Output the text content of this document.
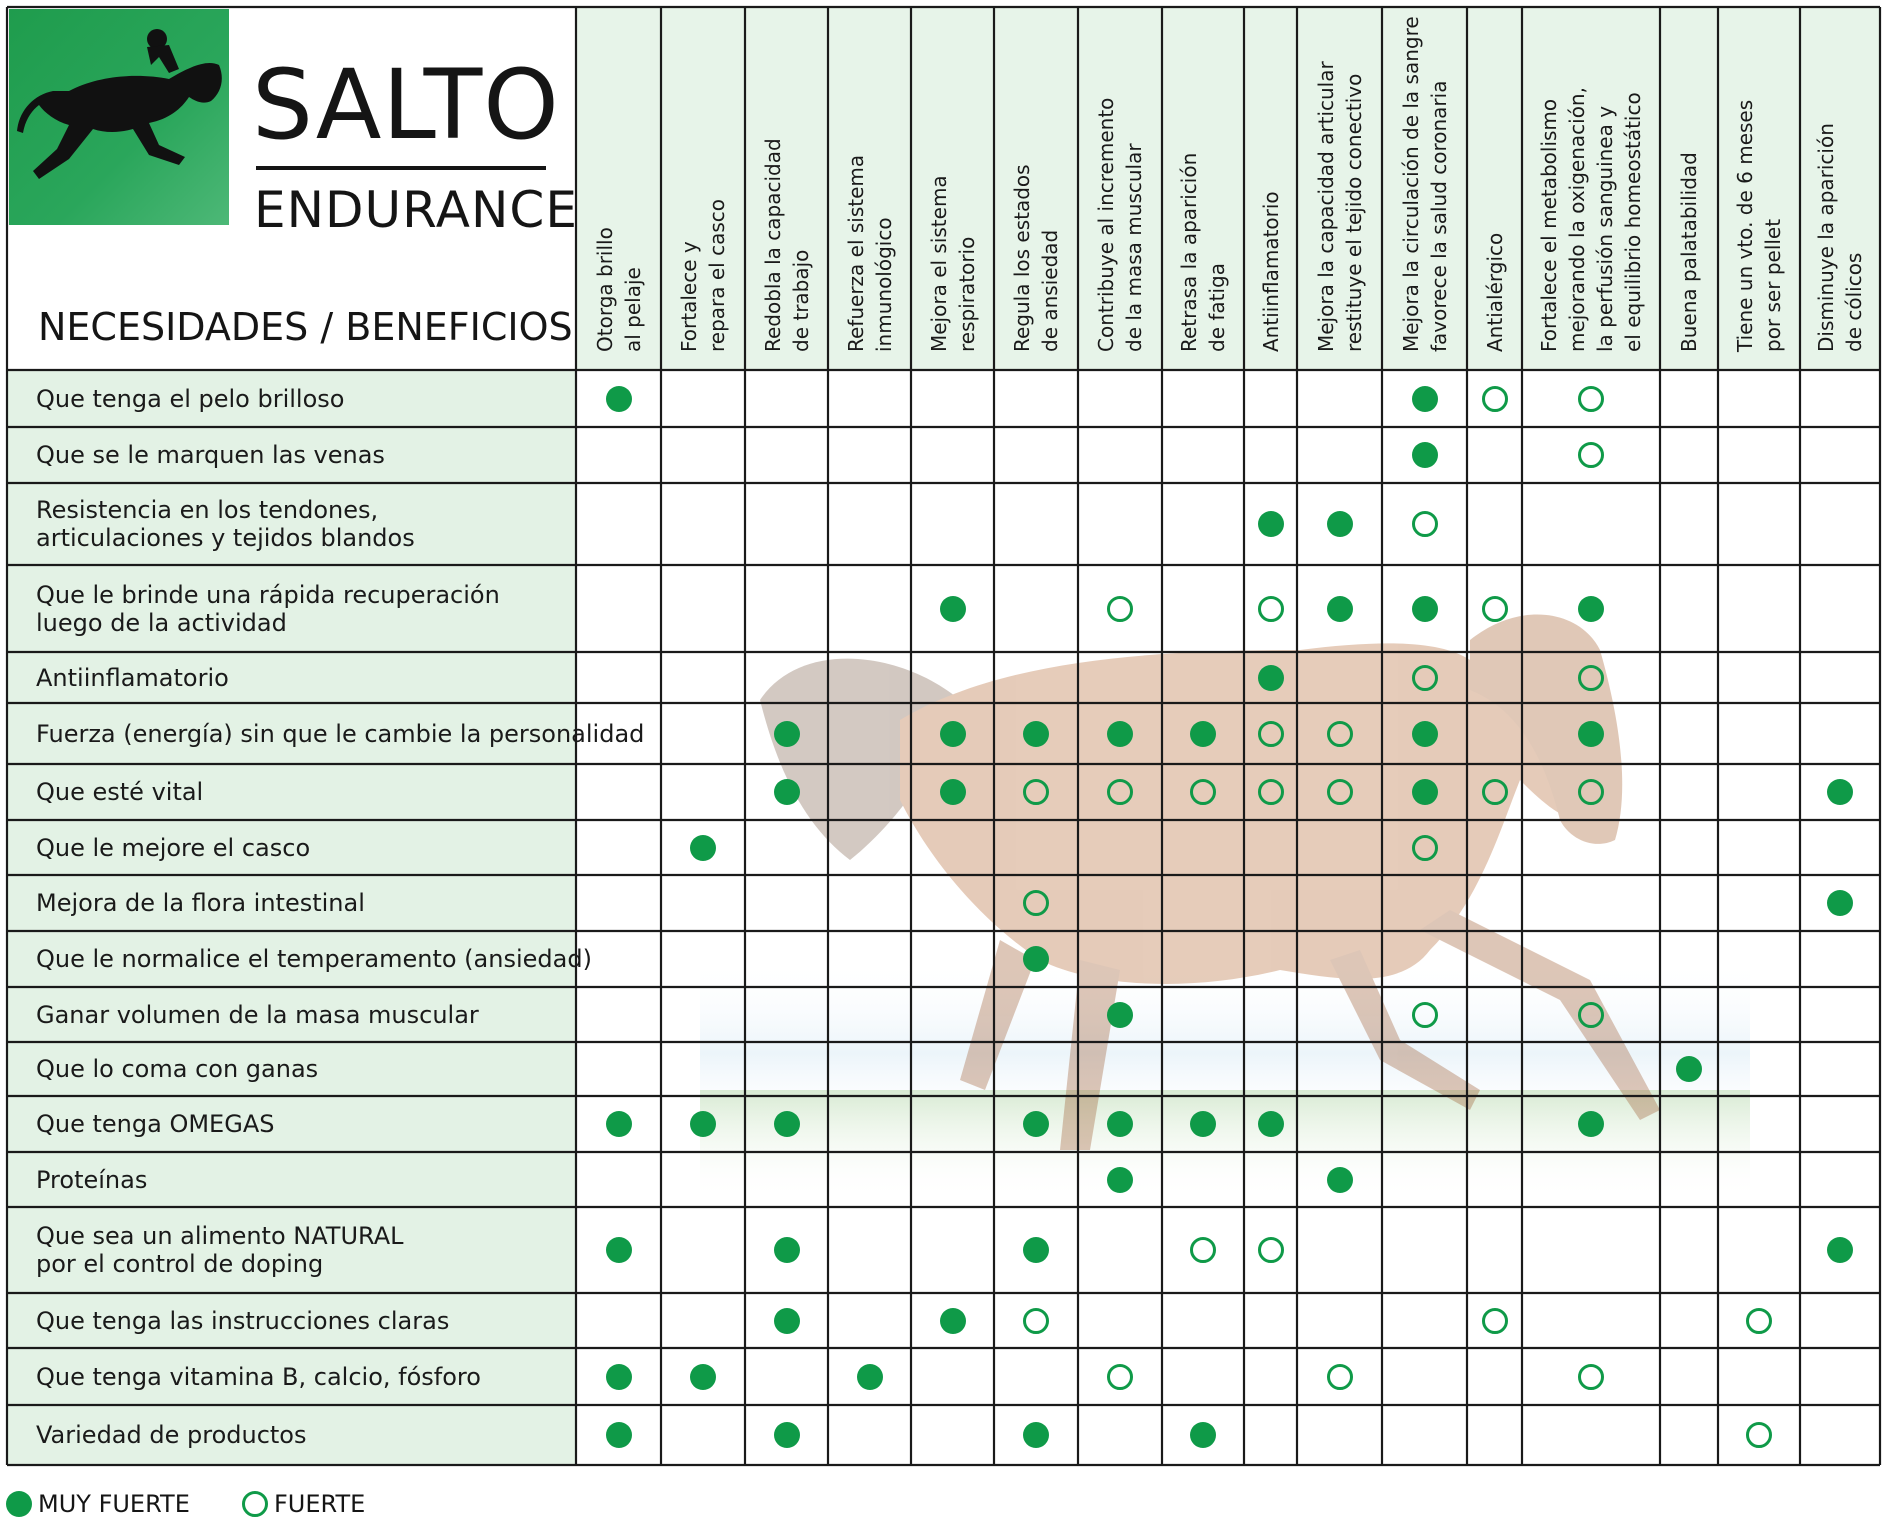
SALTO
ENDURANCE
NECESIDADES / BENEFICIOS Otorga brillo
al pelaje Fortalece y
repara el casco
Redobla la capacidad
de trabajo Refuerza el sistema
inmunológico Mejora el sistema
respiratorio Regula los estados
de ansiedad Contribuye al incremento
de la masa muscular
Retrasa la aparición
de fatiga Antiinflamatorio Mejora la capacidad articular
restituye el tejido conectivo
Mejora la circulación de la sangre
favorece la salud coronaria
Antialérgico Fortalece el metabolismo
mejorando la oxigenación,
la perfusión sanguinea y
el equilibrio homeostático Buena palatabilidad Tiene un vto. de 6 meses
por ser pellet Disminuye la aparición
de cólicos
Que tenga el pelo brilloso
Que se le marquen las venas
Resistencia en los tendones,
articulaciones y tejidos blandos
Que le brinde una rápida recuperación
luego de la actividad
Antiinflamatorio
Fuerza (energía) sin que le cambie la personalidad
Que esté vital
Que le mejore el casco
Mejora de la flora intestinal
Que le normalice el temperamento (ansiedad)
Ganar volumen de la masa muscular
Que lo coma con ganas
Que tenga OMEGAS
Proteínas
Que sea un alimento NATURAL
por el control de doping
Que tenga las instrucciones claras
Que tenga vitamina B, calcio, fósforo
Variedad de productos
MUY FUERTE	FUERTE
